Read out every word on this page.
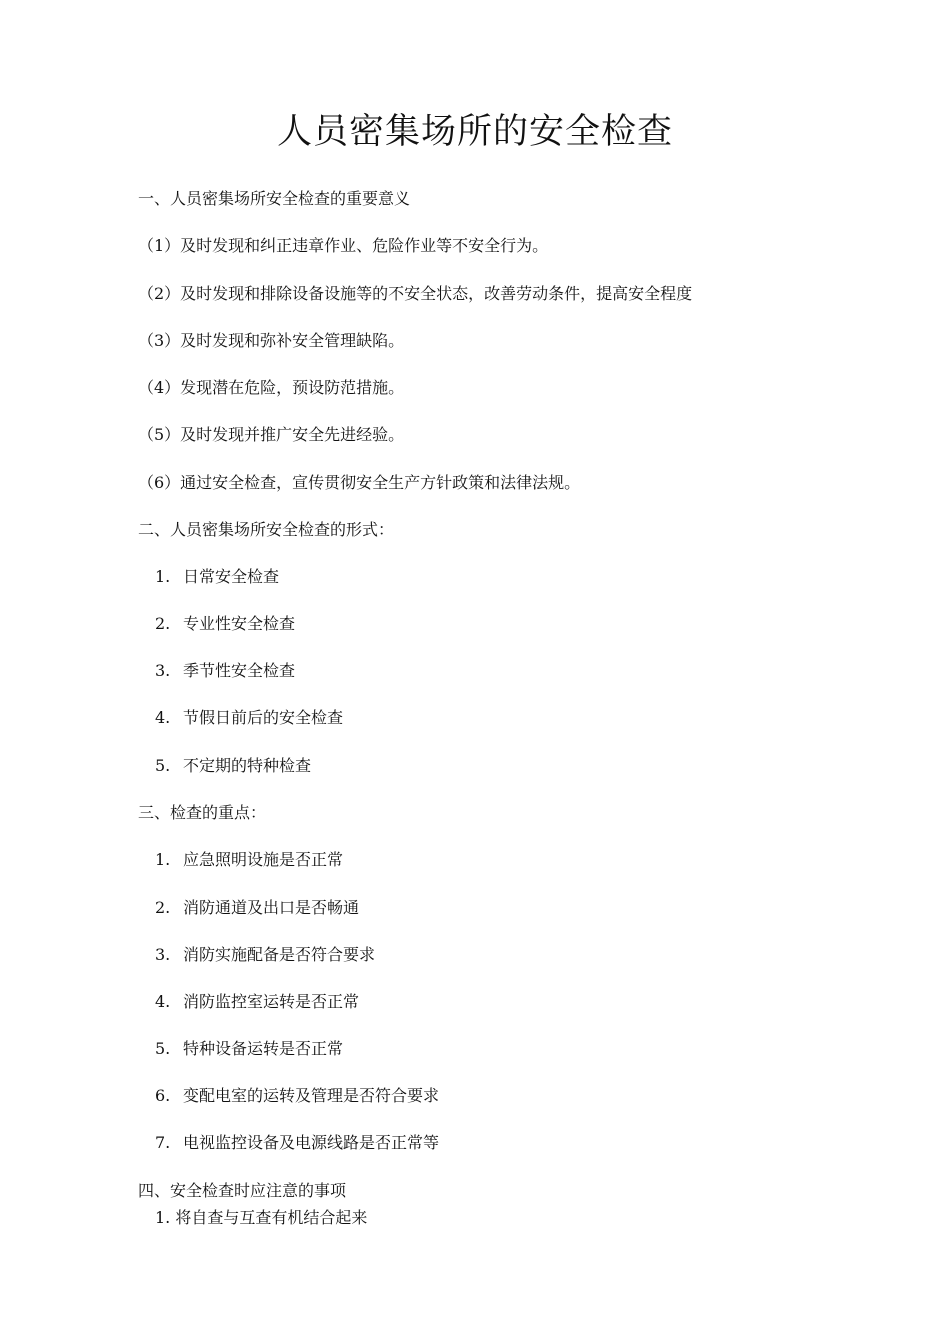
人员密集场所的安全检查
一、人员密集场所安全检查的重要意义
（1）及时发现和纠正违章作业、危险作业等不安全行为。
（2）及时发现和排除设备设施等的不安全状态，改善劳动条件，提高安全程度
（3）及时发现和弥补安全管理缺陷。
（4）发现潜在危险，预设防范措施。
（5）及时发现并推广安全先进经验。
（6）通过安全检查，宣传贯彻安全生产方针政策和法律法规。
二、人员密集场所安全检查的形式：
1. 日常安全检查
2. 专业性安全检查
3. 季节性安全检查
4. 节假日前后的安全检查
5. 不定期的特种检查
三、检查的重点：
1. 应急照明设施是否正常
2. 消防通道及出口是否畅通
3. 消防实施配备是否符合要求
4. 消防监控室运转是否正常
5. 特种设备运转是否正常
6. 变配电室的运转及管理是否符合要求
7. 电视监控设备及电源线路是否正常等
四、安全检查时应注意的事项
1. 将自查与互查有机结合起来
